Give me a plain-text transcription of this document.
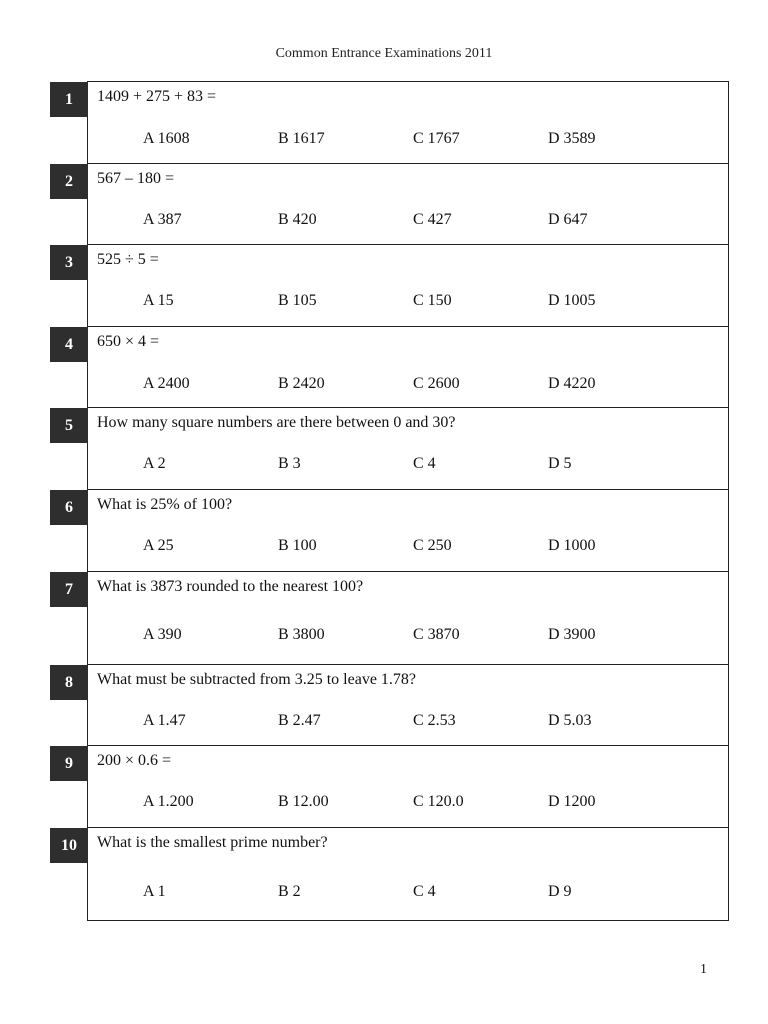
Common Entrance Examinations 2011
1	1409 + 275 + 83 =
A 1608	B 1617	C 1767	D 3589
2	567 – 180 =
A 387	B 420	C 427	D 647
3	525 ÷ 5 =
A 15	B 105	C 150	D 1005
4	650 × 4 =
A 2400	B 2420	C 2600	D 4220
5	How many square numbers are there between 0 and 30?
A 2	B 3	C 4	D 5
6	What is 25% of 100?
A 25	B 100	C 250	D 1000
7	What is 3873 rounded to the nearest 100?
A 390	B 3800	C 3870	D 3900
8	What must be subtracted from 3.25 to leave 1.78?
A 1.47	B 2.47	C 2.53	D 5.03
9	200 × 0.6 =
A 1.200	B 12.00	C 120.0	D 1200
10	What is the smallest prime number?
A 1	B 2	C 4	D 9
1
